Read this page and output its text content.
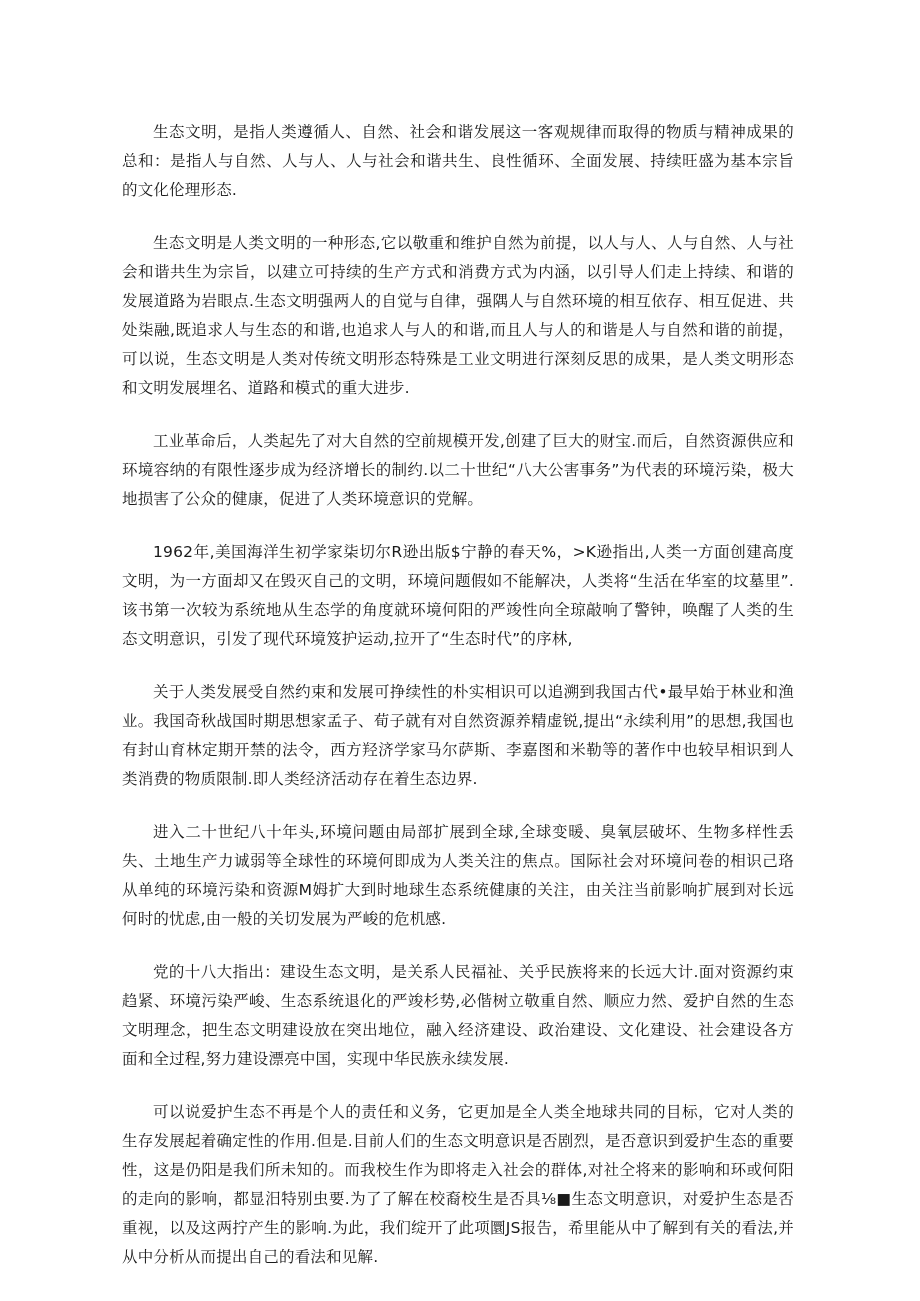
生态文明，是指人类遵循人、自然、社会和谐发展这一客观规律而取得的物质与精神成果的总和：是指人与自然、人与人、人与社会和谐共生、良性循环、全面发展、持续旺盛为基本宗旨的文化伦理形态.

生态文明是人类文明的一种形态,它以敬重和维护自然为前提，以人与人、人与自然、人与社会和谐共生为宗旨，以建立可持续的生产方式和消费方式为内涵，以引导人们走上持续、和谐的发展道路为岩眼点.生态文明强两人的自觉与自律，强隅人与自然环境的相互依存、相互促进、共处柒融,既追求人与生态的和谐,也追求人与人的和谐,而且人与人的和谐是人与自然和谐的前提，可以说，生态文明是人类对传统文明形态特殊是工业文明进行深刻反思的成果，是人类文明形态和文明发展埋名、道路和模式的重大进步.

工业革命后，人类起先了对大自然的空前规模开发,创建了巨大的财宝.而后，自然资源供应和环境容纳的有限性逐步成为经济增长的制约.以二十世纪“八大公害事务”为代表的环境污染，极大地损害了公众的健康，促进了人类环境意识的党解。

1962年,美国海洋生初学家柒切尔R逊出版$宁静的春天%，>K逊指出,人类一方面创建高度文明，为一方面却又在毁灭自己的文明，环境问题假如不能解决，人类将“生活在华室的坟墓里”.该书第一次较为系统地从生态学的角度就环境何阳的严竣性向全琼敲响了警钟，唤醒了人类的生态文明意识，引发了现代环境笈护运动,拉开了“生态时代”的序林,

关于人类发展受自然约束和发展可挣续性的朴实相识可以追溯到我国古代•最早始于林业和渔业。我国奇秋战国时期思想家孟子、荀子就有对自然资源养精虚锐,提出“永续利用”的思想,我国也有封山育林定期开禁的法令，西方羟济学家马尔萨斯、李嘉图和米勒等的著作中也较早相识到人类消费的物质限制.即人类经济活动存在着生态边界.

进入二十世纪八十年头,环境问题由局部扩展到全球,全球变暖、臭氧层破坏、生物多样性丢失、土地生产力诚弱等全球性的环境何即成为人类关注的焦点。国际社会对环境问卷的相识己珞从单纯的环境污染和资源M姆扩大到时地球生态系统健康的关注，由关注当前影响扩展到对长远何时的忧虑,由一般的关切发展为严峻的危机感.

党的十八大指出：建设生态文明，是关系人民福祉、关乎民族将来的长远大计.面对资源约束趋紧、环境污染严峻、生态系统退化的严竣杉势,必偕树立敬重自然、顺应力然、爱护自然的生态文明理念，把生态文明建设放在突出地位，融入经济建设、政治建设、文化建设、社会建设各方面和全过程,努力建设漂亮中国，实现中华民族永续发展.

可以说爱护生态不再是个人的责任和义务，它更加是全人类全地球共同的目标，它对人类的生存发展起着确定性的作用.但是.目前人们的生态文明意识是否剧烈，是否意识到爱护生态的重要性，这是仍阳是我们所未知的。而我校生作为即将走入社会的群体,对社仝将来的影响和环或何阳的走向的影响，都显汨特别虫要.为了了解在校裔校生是否具⅛■生态文明意识，对爱护生态是否重视，以及这两拧产生的影响.为此，我们绽开了此项圜JS报告，希里能从中了解到有关的看法,并从中分析从而提出自己的看法和见解.
